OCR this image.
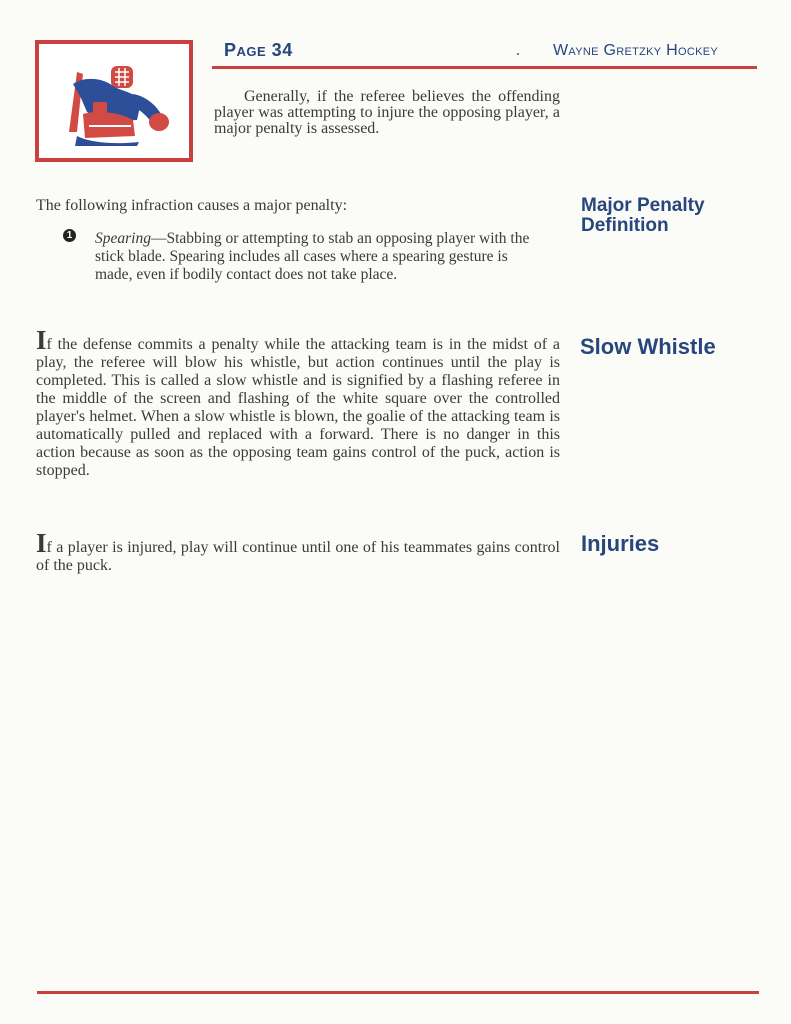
Page 34	. Wayne Gretzky Hockey

Generally, if the referee believes the offending player was attempting to injure the opposing player, a major penalty is assessed.

The following infraction causes a major penalty:

1 Spearing—Stabbing or attempting to stab an opposing player with the stick blade. Spearing includes all cases where a spearing gesture is made, even if bodily contact does not take place.

Major Penalty Definition

If the defense commits a penalty while the attacking team is in the midst of a play, the referee will blow his whistle, but action continues until the play is completed. This is called a slow whistle and is signified by a flashing referee in the middle of the screen and flashing of the white square over the controlled player's helmet. When a slow whistle is blown, the goalie of the attacking team is automatically pulled and replaced with a forward. There is no danger in this action because as soon as the opposing team gains control of the puck, action is stopped.

Slow Whistle

If a player is injured, play will continue until one of his teammates gains control of the puck.

Injuries
